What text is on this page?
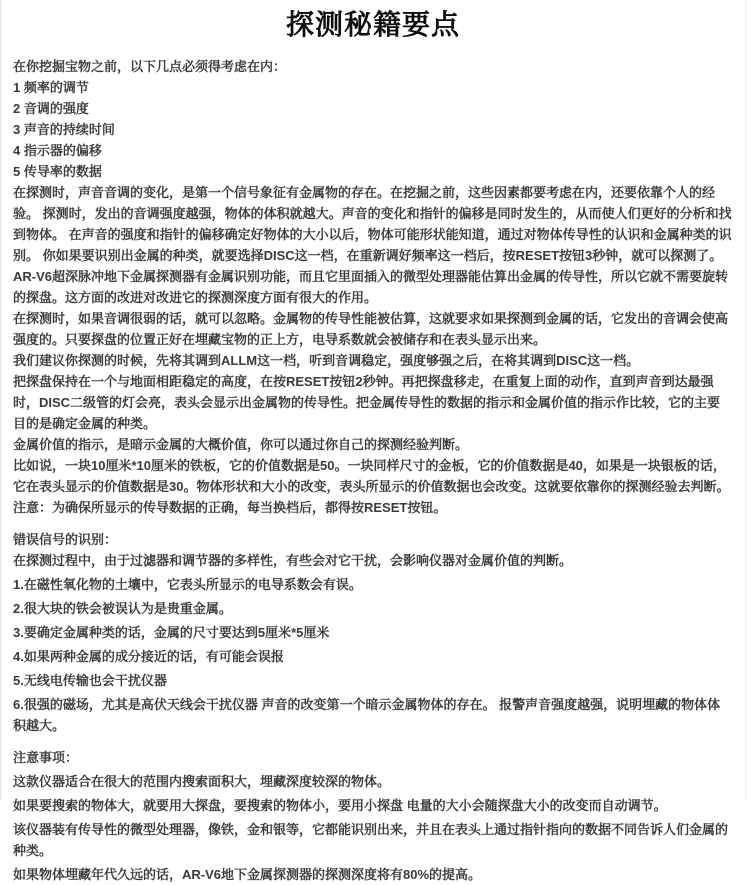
探测秘籍要点
在你挖掘宝物之前，以下几点必须得考虑在内：
1 频率的调节
2 音调的强度
3 声音的持续时间
4 指示器的偏移
5 传导率的数据
在探测时，声音音调的变化，是第一个信号象征有金属物的存在。在挖掘之前，这些因素都要考虑在内，还要依靠个人的经验。 探测时，发出的音调强度越强，物体的体积就越大。声音的变化和指针的偏移是同时发生的，从而使人们更好的分析和找到物体。 在声音的强度和指针的偏移确定好物体的大小以后，物体可能形状能知道，通过对物体传导性的认识和金属种类的识别。 你如果要识别出金属的种类，就要选择DISC这一档，在重新调好频率这一档后，按RESET按钮3秒钟，就可以探测了。
AR-V6超深脉冲地下金属探测器有金属识别功能，而且它里面插入的微型处理器能估算出金属的传导性，所以它就不需要旋转的探盘。这方面的改进对改进它的探测深度方面有很大的作用。
在探测时，如果音调很弱的话，就可以忽略。金属物的传导性能被估算，这就要求如果探测到金属的话，它发出的音调会使高强度的。只要探盘的位置正好在埋藏宝物的正上方，电导系数就会被储存和在表头显示出来。
我们建议你探测的时候，先将其调到ALLM这一档，听到音调稳定，强度够强之后，在将其调到DISC这一档。
把探盘保持在一个与地面相距稳定的高度，在按RESET按钮2秒钟。再把探盘移走，在重复上面的动作，直到声音到达最强时，DISC二级管的灯会亮，表头会显示出金属物的传导性。把金属传导性的数据的指示和金属价值的指示作比较，它的主要目的是确定金属的种类。
金属价值的指示，是暗示金属的大概价值，你可以通过你自己的探测经验判断。
比如说，一块10厘米*10厘米的铁板，它的价值数据是50。一块同样尺寸的金板，它的价值数据是40，如果是一块银板的话，它在表头显示的价值数据是30。物体形状和大小的改变，表头所显示的价值数据也会改变。这就要依靠你的探测经验去判断。
注意：为确保所显示的传导数据的正确，每当换档后，都得按RESET按钮。
错误信号的识别：
在探测过程中，由于过滤器和调节器的多样性，有些会对它干扰，会影响仪器对金属价值的判断。
1.在磁性氧化物的土壤中，它表头所显示的电导系数会有误。
2.很大块的铁会被误认为是贵重金属。
3.要确定金属种类的话，金属的尺寸要达到5厘米*5厘米
4.如果两种金属的成分接近的话，有可能会误报
5.无线电传输也会干扰仪器
6.很强的磁场，尤其是高伏天线会干扰仪器 声音的改变第一个暗示金属物体的存在。 报警声音强度越强，说明埋藏的物体体积越大。
注意事项：
这款仪器适合在很大的范围内搜索面积大，埋藏深度较深的物体。
如果要搜索的物体大，就要用大探盘，要搜索的物体小，要用小探盘 电量的大小会随探盘大小的改变而自动调节。
该仪器装有传导性的微型处理器，像铁，金和银等，它都能识别出来，并且在表头上通过指针指向的数据不同告诉人们金属的种类。
如果物体埋藏年代久远的话，AR-V6地下金属探测器的探测深度将有80%的提高。
